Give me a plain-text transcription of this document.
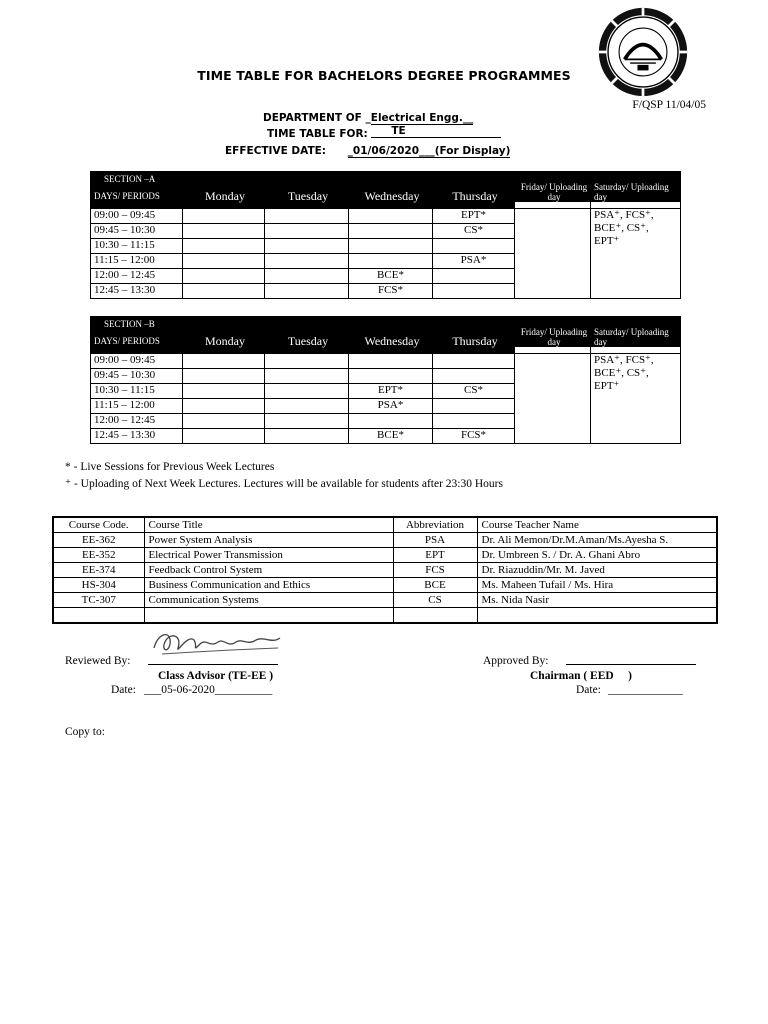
TIME TABLE FOR BACHELORS DEGREE PROGRAMMES
F/QSP 11/04/05
DEPARTMENT OF _Electrical Engg.__
TIME TABLE FOR: TE
EFFECTIVE DATE: _01/06/2020___(For Display)
SECTION –A						
DAYS/ PERIODS	Monday	Tuesday	Wednesday	Thursday	Friday/ Uploading day	Saturday/ Uploading day
09:00 – 09:45				EPT*		PSA⁺, FCS⁺,
BCE⁺, CS⁺,
EPT⁺

09:45 – 10:30				CS*		
10:30 – 11:15						
11:15 – 12:00				PSA*		
12:00 – 12:45			BCE*			
12:45 – 13:30			FCS*			
SECTION –B						
DAYS/ PERIODS	Monday	Tuesday	Wednesday	Thursday	Friday/ Uploading day	Saturday/ Uploading day
09:00 – 09:45						PSA⁺, FCS⁺,
BCE⁺, CS⁺,
EPT⁺

09:45 – 10:30						
10:30 – 11:15			EPT*	CS*		
11:15 – 12:00			PSA*			
12:00 – 12:45						
12:45 – 13:30			BCE*	FCS*		
* - Live Sessions for Previous Week Lectures
⁺ - Uploading of Next Week Lectures. Lectures will be available for students after 23:30 Hours
Course Code.	Course Title	Abbreviation	Course Teacher Name
EE-362	Power System Analysis	PSA	Dr. Ali Memon/Dr.M.Aman/Ms.Ayesha S.
EE-352	Electrical Power Transmission	EPT	Dr. Umbreen S. / Dr. A. Ghani Abro
EE-374	Feedback Control System	FCS	Dr. Riazuddin/Mr. M. Javed
HS-304	Business Communication and Ethics	BCE	Ms. Maheen Tufail / Ms. Hira
TC-307	Communication Systems	CS	Ms. Nida Nasir

Reviewed By:
Class Advisor (TE-EE )
Date: ___05-06-2020__________
Approved By:
Chairman ( EED     )
Date: _____________
Copy to:
